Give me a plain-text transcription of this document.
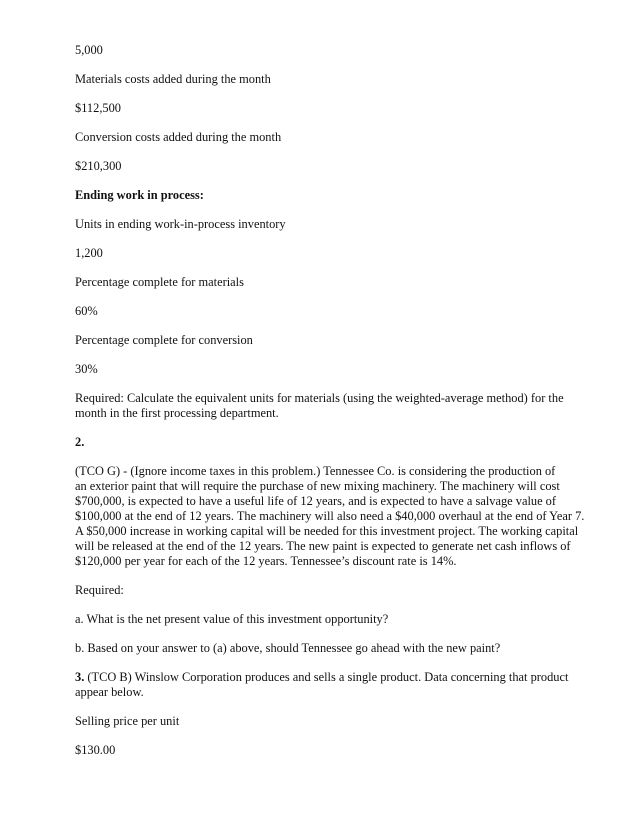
5,000
Materials costs added during the month
$112,500
Conversion costs added during the month
$210,300
Ending work in process:
Units in ending work-in-process inventory
1,200
Percentage complete for materials
60%
Percentage complete for conversion
30%
Required: Calculate the equivalent units for materials (using the weighted-average method) for the
month in the first processing department.
2.
(TCO G) - (Ignore income taxes in this problem.) Tennessee Co. is considering the production of
an exterior paint that will require the purchase of new mixing machinery. The machinery will cost
$700,000, is expected to have a useful life of 12 years, and is expected to have a salvage value of
$100,000 at the end of 12 years. The machinery will also need a $40,000 overhaul at the end of Year 7.
A $50,000 increase in working capital will be needed for this investment project. The working capital
will be released at the end of the 12 years. The new paint is expected to generate net cash inflows of
$120,000 per year for each of the 12 years. Tennessee’s discount rate is 14%.
Required:
a. What is the net present value of this investment opportunity?
b. Based on your answer to (a) above, should Tennessee go ahead with the new paint?
3. (TCO B) Winslow Corporation produces and sells a single product. Data concerning that product
appear below.
Selling price per unit
$130.00
